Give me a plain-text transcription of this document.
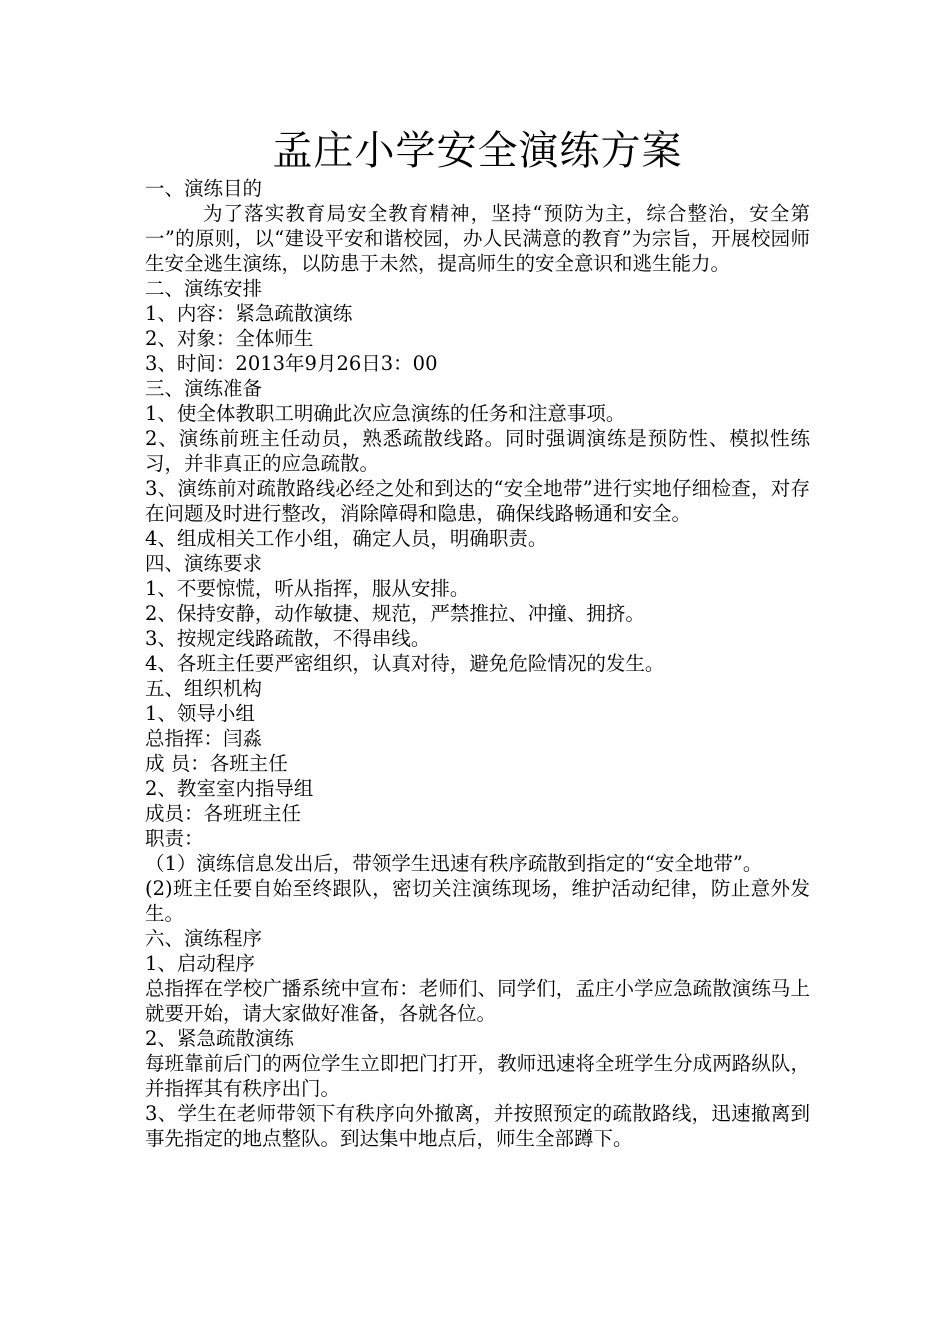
孟庄小学安全演练方案

一、演练目的

为了落实教育局安全教育精神，坚持“预防为主，综合整治，安全第一”的原则，以“建设平安和谐校园，办人民满意的教育”为宗旨，开展校园师生安全逃生演练，以防患于未然，提高师生的安全意识和逃生能力。

二、演练安排

1、内容：紧急疏散演练

2、对象：全体师生

3、时间：2013年9月26日3：00

三、演练准备

1、使全体教职工明确此次应急演练的任务和注意事项。

2、演练前班主任动员，熟悉疏散线路。同时强调演练是预防性、模拟性练习，并非真正的应急疏散。

3、演练前对疏散路线必经之处和到达的“安全地带”进行实地仔细检查，对存在问题及时进行整改，消除障碍和隐患，确保线路畅通和安全。

4、组成相关工作小组，确定人员，明确职责。

四、演练要求

1、不要惊慌，听从指挥，服从安排。

2、保持安静，动作敏捷、规范，严禁推拉、冲撞、拥挤。

3、按规定线路疏散，不得串线。

4、各班主任要严密组织，认真对待，避免危险情况的发生。

五、组织机构

1、领导小组

总指挥：闫淼

成 员：各班主任

2、教室室内指导组

成员：各班班主任

职责：

（1）演练信息发出后，带领学生迅速有秩序疏散到指定的“安全地带”。

(2)班主任要自始至终跟队，密切关注演练现场，维护活动纪律，防止意外发生。

六、演练程序

1、启动程序

总指挥在学校广播系统中宣布：老师们、同学们，孟庄小学应急疏散演练马上就要开始，请大家做好准备，各就各位。

2、紧急疏散演练

每班靠前后门的两位学生立即把门打开，教师迅速将全班学生分成两路纵队，并指挥其有秩序出门。

3、学生在老师带领下有秩序向外撤离，并按照预定的疏散路线，迅速撤离到事先指定的地点整队。到达集中地点后，师生全部蹲下。
